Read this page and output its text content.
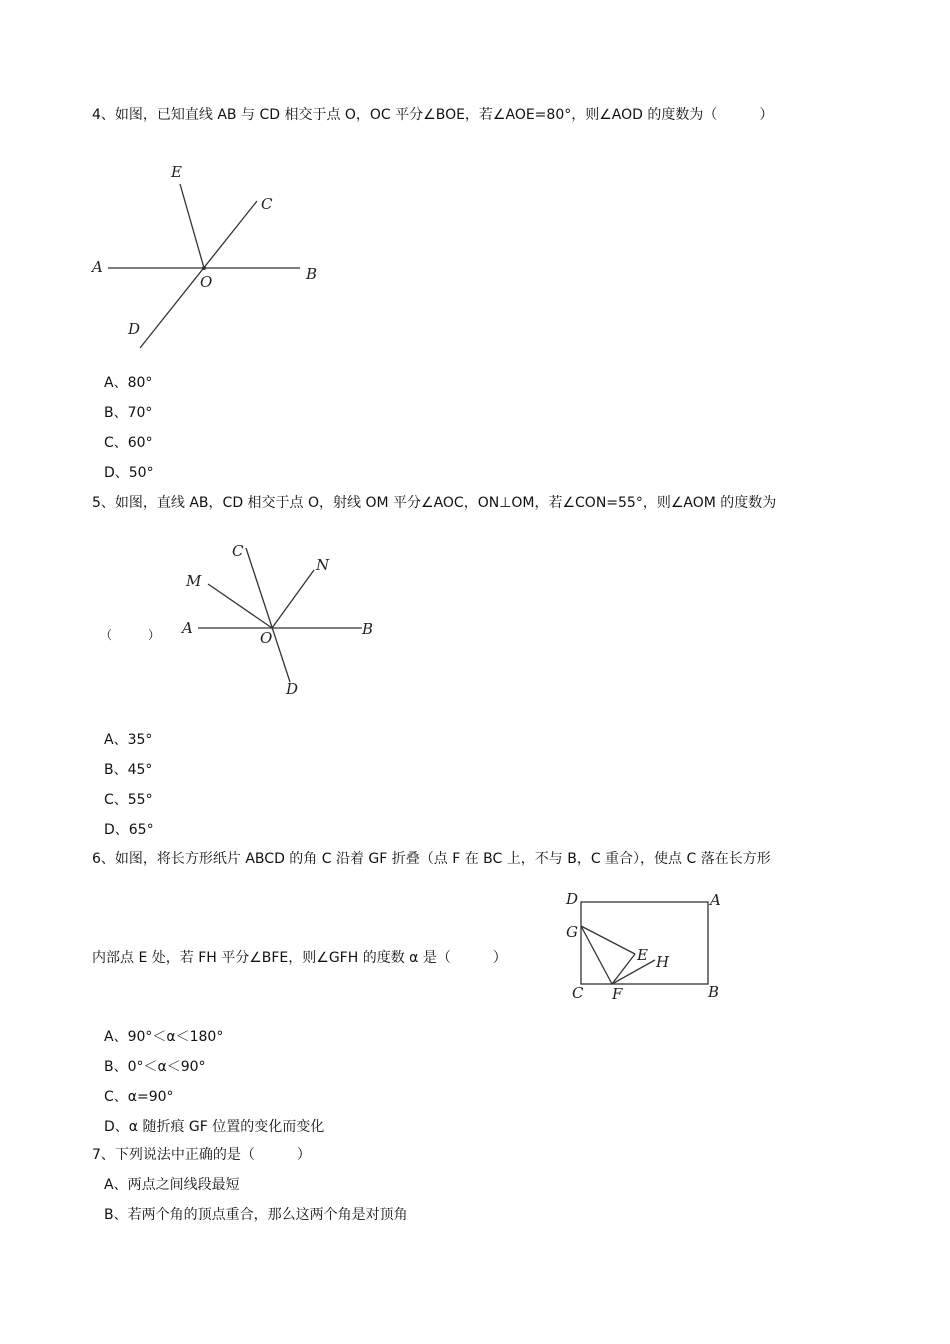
4、如图，已知直线 AB 与 CD 相交于点 O，OC 平分∠BOE，若∠AOE=80°，则∠AOD 的度数为（　　　）
E
C
A
O	B
D
A、80°
B、70°
C、60°
D、50°
5、如图，直线 AB，CD 相交于点 O，射线 OM 平分∠AOC，ON⊥OM，若∠CON=55°，则∠AOM 的度数为
（　　　）
C
N
M
A
O	B
D
A、35°
B、45°
C、55°
D、65°
6、如图，将长方形纸片 ABCD 的角 C 沿着 GF 折叠（点 F 在 BC 上，不与 B，C 重合），使点 C 落在长方形
内部点 E 处，若 FH 平分∠BFE，则∠GFH 的度数 α 是（　　　）
D	A
G
E H
C F	B
A、90°＜α＜180°
B、0°＜α＜90°
C、α=90°
D、α 随折痕 GF 位置的变化而变化
7、下列说法中正确的是（　　　）
A、两点之间线段最短
B、若两个角的顶点重合，那么这两个角是对顶角
